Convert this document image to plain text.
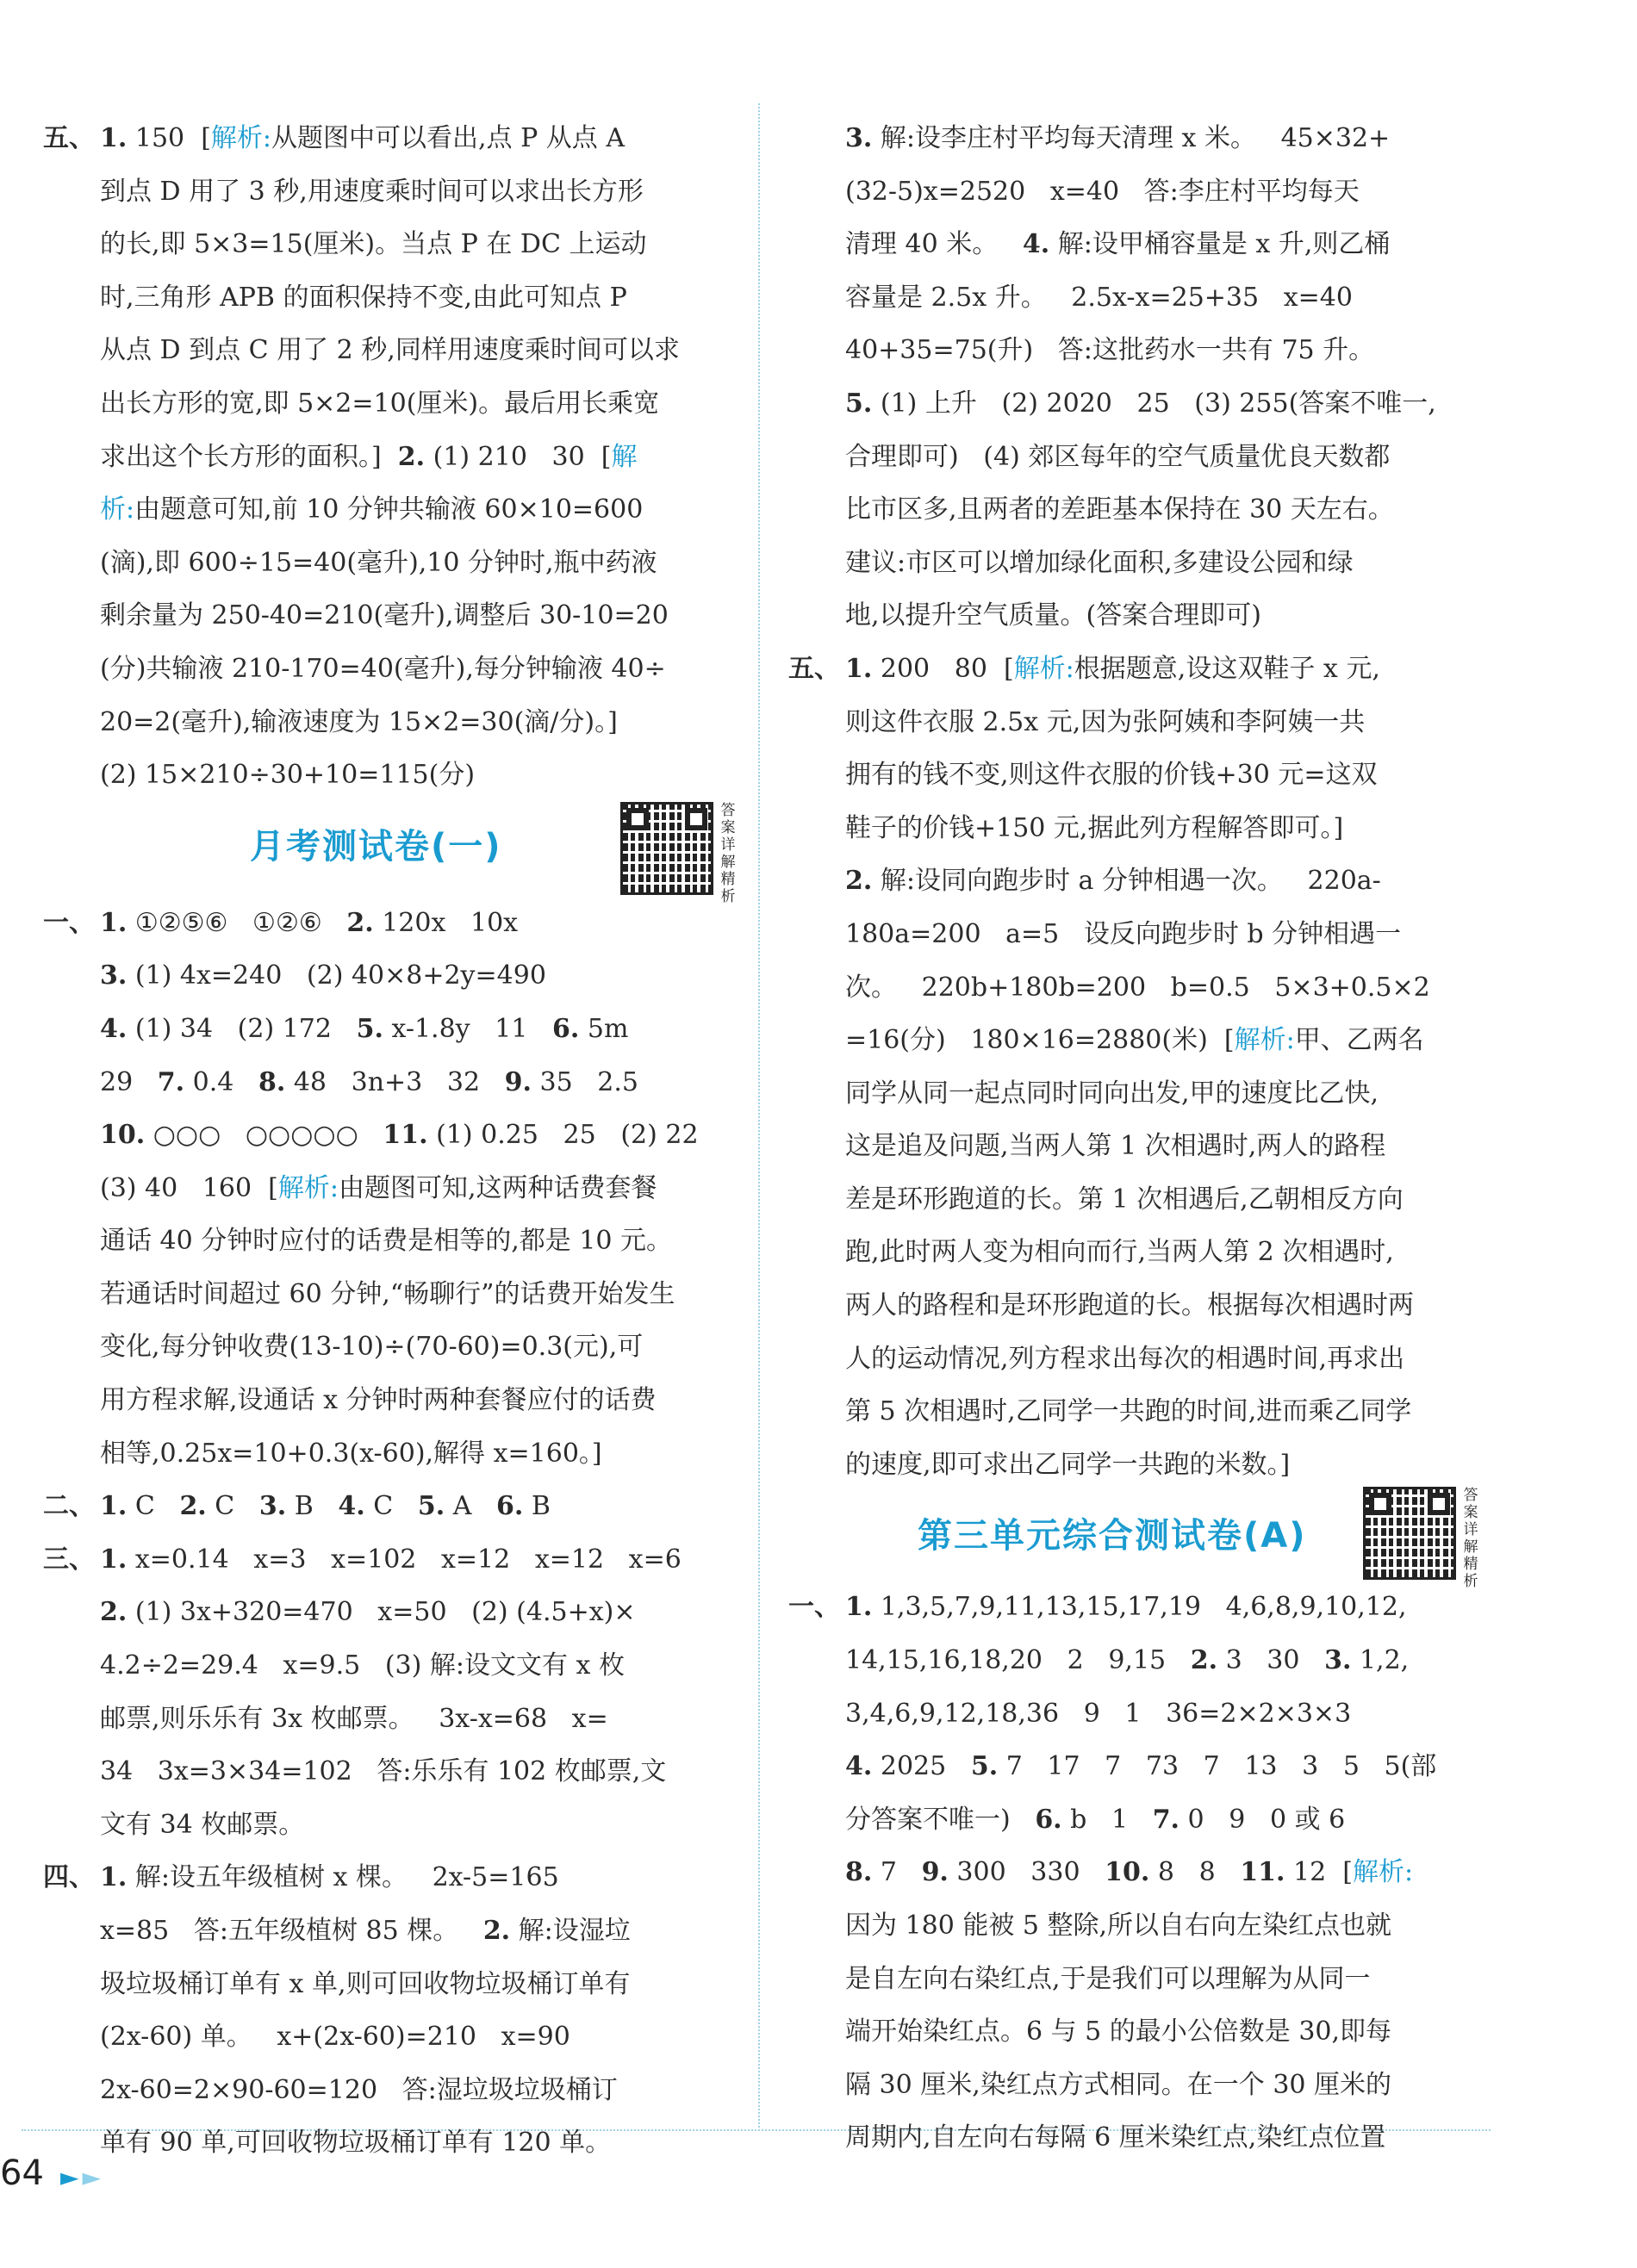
五、 1. 150  [解析:从题图中可以看出,点 P 从点 A
到点 D 用了 3 秒,用速度乘时间可以求出长方形
的长,即 5×3=15(厘米)。当点 P 在 DC 上运动
时,三角形 APB 的面积保持不变,由此可知点 P
从点 D 到点 C 用了 2 秒,同样用速度乘时间可以求
出长方形的宽,即 5×2=10(厘米)。最后用长乘宽
求出这个长方形的面积。]  2. (1) 210   30  [解
析:由题意可知,前 10 分钟共输液 60×10=600
(滴),即 600÷15=40(毫升),10 分钟时,瓶中药液
剩余量为 250-40=210(毫升),调整后 30-10=20
(分)共输液 210-170=40(毫升),每分钟输液 40÷
20=2(毫升),输液速度为 15×2=30(滴/分)。]
(2) 15×210÷30+10=115(分)
月考测试卷(一)
答案详解精析
一、 1. ①②⑤⑥   ①②⑥   2. 120x   10x
3. (1) 4x=240   (2) 40×8+2y=490
4. (1) 34   (2) 172   5. x-1.8y   11   6. 5m
29   7. 0.4   8. 48   3n+3   32   9. 35   2.5
10. ○○○   ○○○○○   11. (1) 0.25   25   (2) 22
(3) 40   160  [解析:由题图可知,这两种话费套餐
通话 40 分钟时应付的话费是相等的,都是 10 元。
若通话时间超过 60 分钟,“畅聊行”的话费开始发生
变化,每分钟收费(13-10)÷(70-60)=0.3(元),可
用方程求解,设通话 x 分钟时两种套餐应付的话费
相等,0.25x=10+0.3(x-60),解得 x=160。]
二、 1. C   2. C   3. B   4. C   5. A   6. B
三、 1. x=0.14   x=3   x=102   x=12   x=12   x=6
2. (1) 3x+320=470   x=50   (2) (4.5+x)×
4.2÷2=29.4   x=9.5   (3) 解:设文文有 x 枚
邮票,则乐乐有 3x 枚邮票。   3x-x=68   x=
34   3x=3×34=102   答:乐乐有 102 枚邮票,文
文有 34 枚邮票。
四、 1. 解:设五年级植树 x 棵。   2x-5=165
x=85   答:五年级植树 85 棵。   2. 解:设湿垃
圾垃圾桶订单有 x 单,则可回收物垃圾桶订单有
(2x-60) 单。   x+(2x-60)=210   x=90
2x-60=2×90-60=120   答:湿垃圾垃圾桶订
单有 90 单,可回收物垃圾桶订单有 120 单。
3. 解:设李庄村平均每天清理 x 米。   45×32+
(32-5)x=2520   x=40   答:李庄村平均每天
清理 40 米。   4. 解:设甲桶容量是 x 升,则乙桶
容量是 2.5x 升。   2.5x-x=25+35   x=40
40+35=75(升)   答:这批药水一共有 75 升。
5. (1) 上升   (2) 2020   25   (3) 255(答案不唯一,
合理即可)   (4) 郊区每年的空气质量优良天数都
比市区多,且两者的差距基本保持在 30 天左右。
建议:市区可以增加绿化面积,多建设公园和绿
地,以提升空气质量。(答案合理即可)
五、 1. 200   80  [解析:根据题意,设这双鞋子 x 元,
则这件衣服 2.5x 元,因为张阿姨和李阿姨一共
拥有的钱不变,则这件衣服的价钱+30 元=这双
鞋子的价钱+150 元,据此列方程解答即可。]
2. 解:设同向跑步时 a 分钟相遇一次。   220a-
180a=200   a=5   设反向跑步时 b 分钟相遇一
次。   220b+180b=200   b=0.5   5×3+0.5×2
=16(分)   180×16=2880(米)  [解析:甲、乙两名
同学从同一起点同时同向出发,甲的速度比乙快,
这是追及问题,当两人第 1 次相遇时,两人的路程
差是环形跑道的长。第 1 次相遇后,乙朝相反方向
跑,此时两人变为相向而行,当两人第 2 次相遇时,
两人的路程和是环形跑道的长。根据每次相遇时两
人的运动情况,列方程求出每次的相遇时间,再求出
第 5 次相遇时,乙同学一共跑的时间,进而乘乙同学
的速度,即可求出乙同学一共跑的米数。]
第三单元综合测试卷(A)
答案详解精析
一、 1. 1,3,5,7,9,11,13,15,17,19   4,6,8,9,10,12,
14,15,16,18,20   2   9,15   2. 3   30   3. 1,2,
3,4,6,9,12,18,36   9   1   36=2×2×3×3
4. 2025   5. 7   17   7   73   7   13   3   5   5(部
分答案不唯一)   6. b   1   7. 0   9   0 或 6
8. 7   9. 300   330   10. 8   8   11. 12  [解析:
因为 180 能被 5 整除,所以自右向左染红点也就
是自左向右染红点,于是我们可以理解为从同一
端开始染红点。6 与 5 的最小公倍数是 30,即每
隔 30 厘米,染红点方式相同。在一个 30 厘米的
周期内,自左向右每隔 6 厘米染红点,染红点位置
64 ►►
